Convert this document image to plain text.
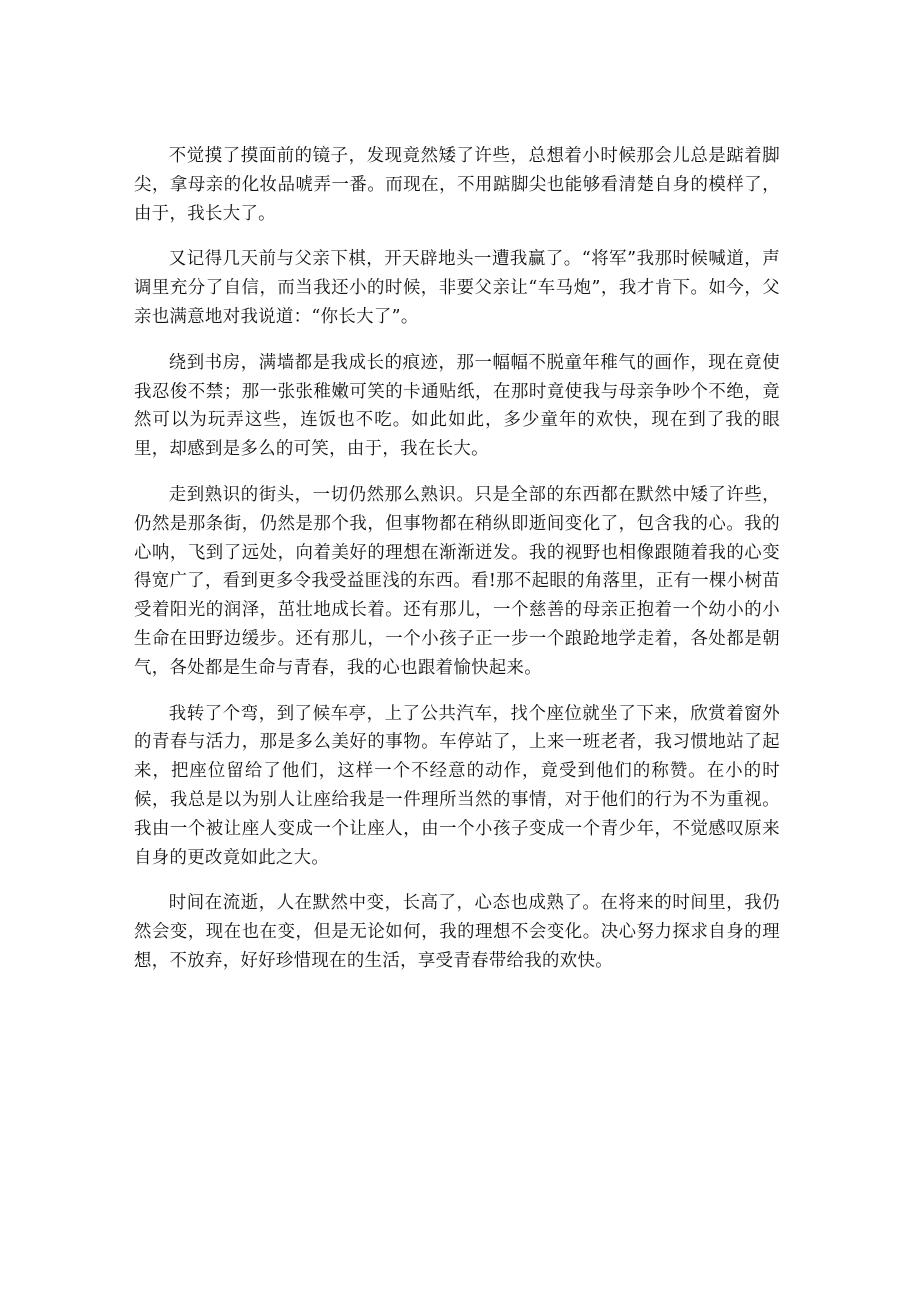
不觉摸了摸面前的镜子，发现竟然矮了许些，总想着小时候那会儿总是踮着脚尖，拿母亲的化妆品唬弄一番。而现在，不用踮脚尖也能够看清楚自身的模样了，由于，我长大了。

又记得几天前与父亲下棋，开天辟地头一遭我赢了。“将军”我那时候喊道，声调里充分了自信，而当我还小的时候，非要父亲让“车马炮”，我才肯下。如今，父亲也满意地对我说道：“你长大了”。

绕到书房，满墙都是我成长的痕迹，那一幅幅不脱童年稚气的画作，现在竟使我忍俊不禁；那一张张稚嫩可笑的卡通贴纸，在那时竟使我与母亲争吵个不绝，竟然可以为玩弄这些，连饭也不吃。如此如此，多少童年的欢快，现在到了我的眼里，却感到是多么的可笑，由于，我在长大。

走到熟识的街头，一切仍然那么熟识。只是全部的东西都在默然中矮了许些，仍然是那条街，仍然是那个我，但事物都在稍纵即逝间变化了，包含我的心。我的心呐，飞到了远处，向着美好的理想在渐渐迸发。我的视野也相像跟随着我的心变得宽广了，看到更多令我受益匪浅的东西。看!那不起眼的角落里，正有一棵小树苗受着阳光的润泽，茁壮地成长着。还有那儿，一个慈善的母亲正抱着一个幼小的小生命在田野边缓步。还有那儿，一个小孩子正一步一个踉跄地学走着，各处都是朝气，各处都是生命与青春，我的心也跟着愉快起来。

我转了个弯，到了候车亭，上了公共汽车，找个座位就坐了下来，欣赏着窗外的青春与活力，那是多么美好的事物。车停站了，上来一班老者，我习惯地站了起来，把座位留给了他们，这样一个不经意的动作，竟受到他们的称赞。在小的时候，我总是以为别人让座给我是一件理所当然的事情，对于他们的行为不为重视。我由一个被让座人变成一个让座人，由一个小孩子变成一个青少年，不觉感叹原来自身的更改竟如此之大。

时间在流逝，人在默然中变，长高了，心态也成熟了。在将来的时间里，我仍然会变，现在也在变，但是无论如何，我的理想不会变化。决心努力探求自身的理想，不放弃，好好珍惜现在的生活，享受青春带给我的欢快。
